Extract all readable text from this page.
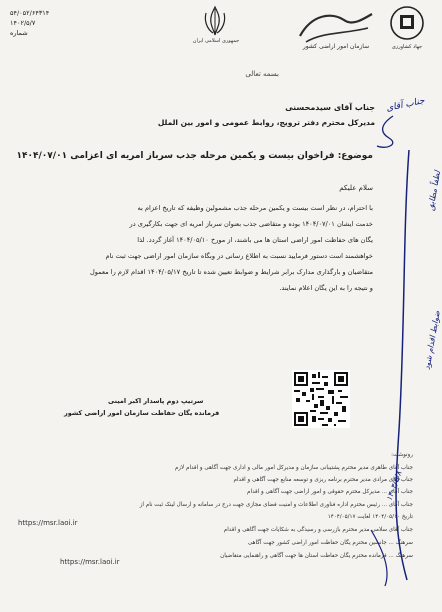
۵۴/۰۵۲/۶۴۳۱۴
۱۴۰۲/۵/۷
شماره
جمهوری اسلامی ایران
سازمان امور اراضی کشور	جهاد کشاورزی
بسمه تعالی
جناب آقای سیدمحسنی
مدیرکل محترم دفتر ترویج، روابط عمومی و امور بین الملل
موضوع: فراخوان بیست و یکمین مرحله جذب سرباز امریه ای اعزامی ۱۴۰۴/۰۷/۰۱
سلام علیکم
با احترام، در نظر است بیست و یکمین مرحله جذب مشمولین وظیفه که تاریخ اعزام به
خدمت ایشان ۱۴۰۴/۰۷/۰۱ بوده و متقاضی جذب بعنوان سرباز امریه ای جهت بکارگیری در
یگان های حفاظت امور اراضی استان ها می باشند، از مورخ ۱۴۰۴/۰۵/۱۰ آغاز گردد. لذا
خواهشمند است دستور فرمایید نسبت به اطلاع رسانی در وبگاه سازمان امور اراضی جهت ثبت نام
متقاضیان و بارگذاری مدارک برابر شرایط و ضوابط تعیین شده تا تاریخ ۱۴۰۴/۰۵/۱۷ اقدام لازم را معمول
و نتیجه را به این یگان اعلام نمایند.
سرتیپ دوم پاسدار اکبر امینی
فرمانده یگان حفاظت سازمان امور اراضی کشور
رونوشت:
جناب آقای طاهری مدیر محترم پشتیبانی سازمان و مدیرکل امور مالی و اداری جهت آگاهی و اقدام لازم
جناب آقای مرادی مدیر محترم برنامه ریزی و توسعه منابع جهت آگاهی و اقدام
جناب آقای ... مدیرکل محترم حقوقی و امور اراضی جهت آگاهی و اقدام
جناب آقای ... رئیس محترم اداره فناوری اطلاعات و امنیت فضای مجازی جهت درج در سامانه و ارسال لینک ثبت نام از
تاریخ ۱۴۰۴/۰۵/۱۰ لغایت ۱۴۰۴/۰۵/۱۷
جناب آقای سلامی مدیر محترم بازرسی و رسیدگی به شکایات جهت آگاهی و اقدام
سرهنگ ... جانشین محترم یگان حفاظت امور اراضی کشور جهت آگاهی
سرهنگ ... فرمانده محترم یگان حفاظت استان ها جهت آگاهی و راهنمایی متقاضیان
https://msr.laoi.ir
https://msr.laoi.ir
جناب آقای
لطفاً مطابق
ضوابط اقدام شود
۱۴۰۴/۵/۸
